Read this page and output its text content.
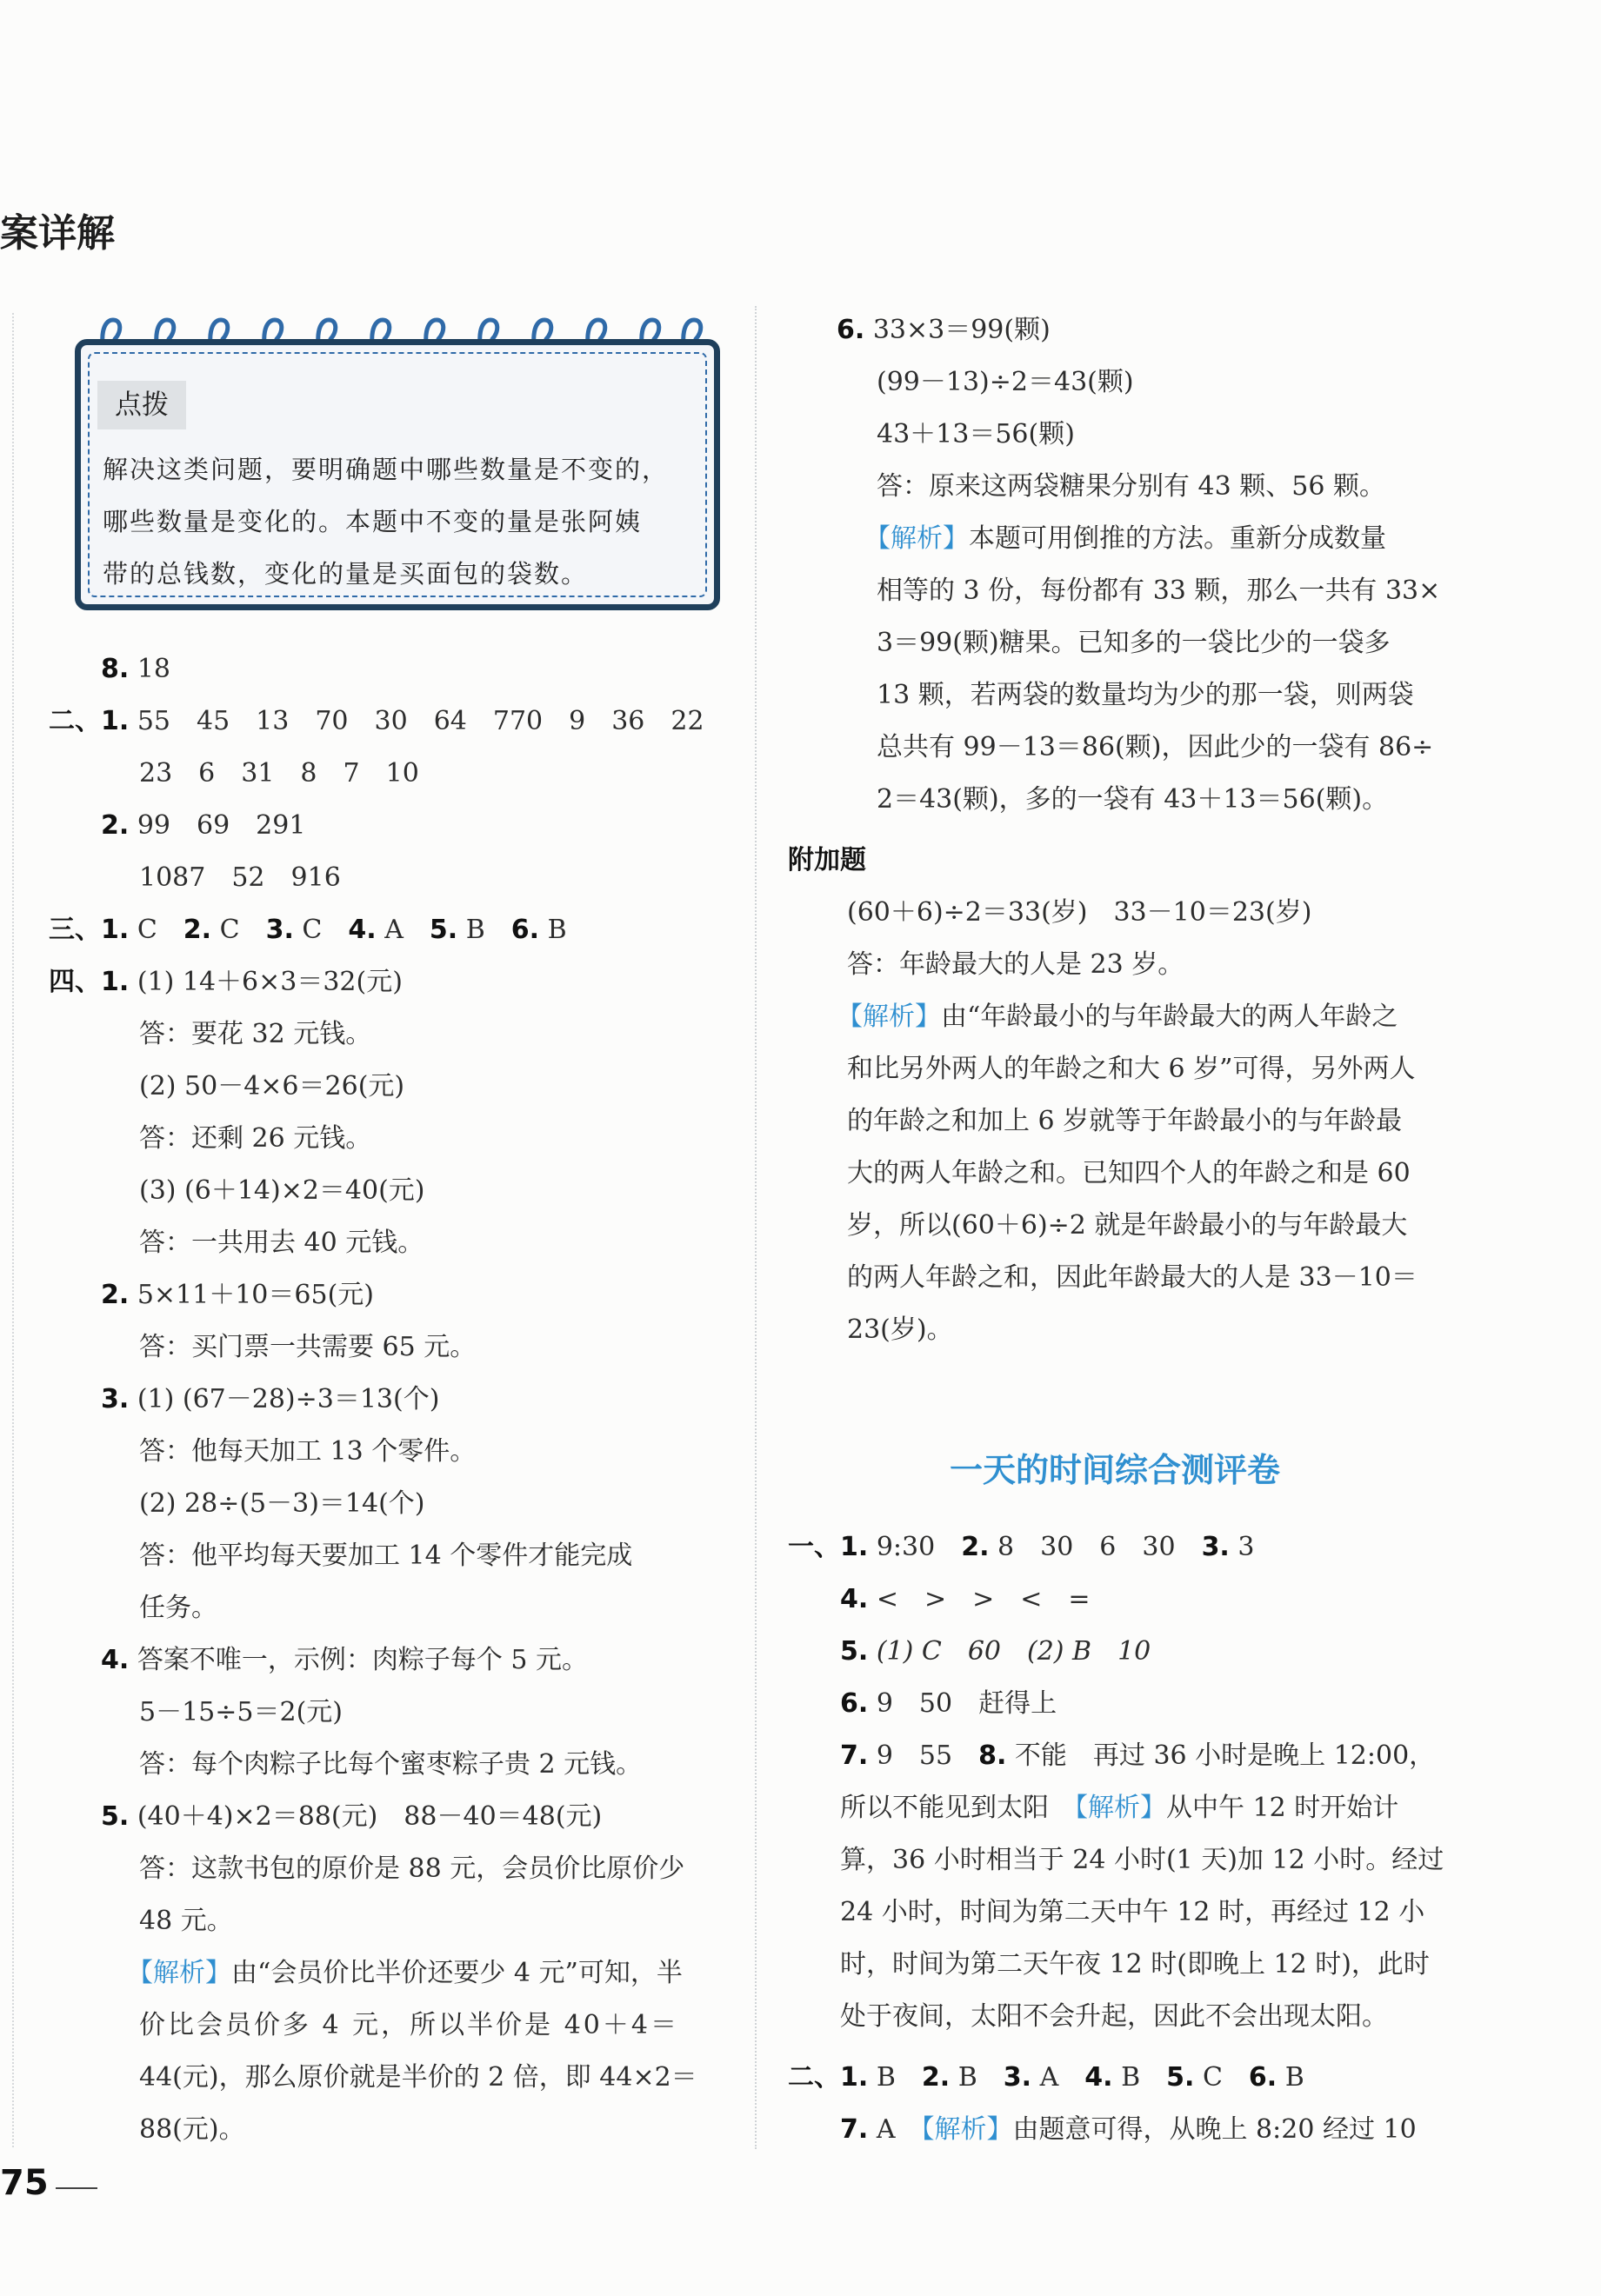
案详解
点拨
解决这类问题，要明确题中哪些数量是不变的，
哪些数量是变化的。本题中不变的量是张阿姨
带的总钱数，变化的量是买面包的袋数。
8. 18
二、1. 55　45　13　70　30　64　770　9　36　22
23　6　31　8　7　10
2. 99　69　291
1087　52　916
三、1. C 2. C 3. C 4. A 5. B 6. B
四、1. (1) 14＋6×3＝32(元)
答：要花 32 元钱。
(2) 50－4×6＝26(元)
答：还剩 26 元钱。
(3) (6＋14)×2＝40(元)
答：一共用去 40 元钱。
2. 5×11＋10＝65(元)
答：买门票一共需要 65 元。
3. (1) (67－28)÷3＝13(个)
答：他每天加工 13 个零件。
(2) 28÷(5－3)＝14(个)
答：他平均每天要加工 14 个零件才能完成
任务。
4. 答案不唯一，示例：肉粽子每个 5 元。
5－15÷5＝2(元)
答：每个肉粽子比每个蜜枣粽子贵 2 元钱。
5. (40＋4)×2＝88(元)　88－40＝48(元)
答：这款书包的原价是 88 元，会员价比原价少
48 元。
【解析】由“会员价比半价还要少 4 元”可知，半
价比会员价多 4 元，所以半价是 40＋4＝
44(元)，那么原价就是半价的 2 倍，即 44×2＝
88(元)。
6. 33×3＝99(颗)
(99－13)÷2＝43(颗)
43＋13＝56(颗)
答：原来这两袋糖果分别有 43 颗、56 颗。
【解析】本题可用倒推的方法。重新分成数量
相等的 3 份，每份都有 33 颗，那么一共有 33×
3＝99(颗)糖果。已知多的一袋比少的一袋多
13 颗，若两袋的数量均为少的那一袋，则两袋
总共有 99－13＝86(颗)，因此少的一袋有 86÷
2＝43(颗)，多的一袋有 43＋13＝56(颗)。
附加题
(60＋6)÷2＝33(岁)　33－10＝23(岁)
答：年龄最大的人是 23 岁。
【解析】由“年龄最小的与年龄最大的两人年龄之
和比另外两人的年龄之和大 6 岁”可得，另外两人
的年龄之和加上 6 岁就等于年龄最小的与年龄最
大的两人年龄之和。已知四个人的年龄之和是 60
岁，所以(60＋6)÷2 就是年龄最小的与年龄最大
的两人年龄之和，因此年龄最大的人是 33－10＝
23(岁)。
一天的时间综合测评卷
一、1. 9:30 2. 8　30　6　30 3. 3
4. <　>　>　<　=
5. (1) C　60　(2) B　10
6. 9　50　赶得上
7. 9　55 8. 不能　再过 36 小时是晚上 12:00，
所以不能见到太阳　【解析】从中午 12 时开始计
算，36 小时相当于 24 小时(1 天)加 12 小时。经过
24 小时，时间为第二天中午 12 时，再经过 12 小
时，时间为第二天午夜 12 时(即晚上 12 时)，此时
处于夜间，太阳不会升起，因此不会出现太阳。
二、1. B 2. B 3. A 4. B 5. C 6. B
7. A　 【解析】由题意可得，从晚上 8:20 经过 10
75
